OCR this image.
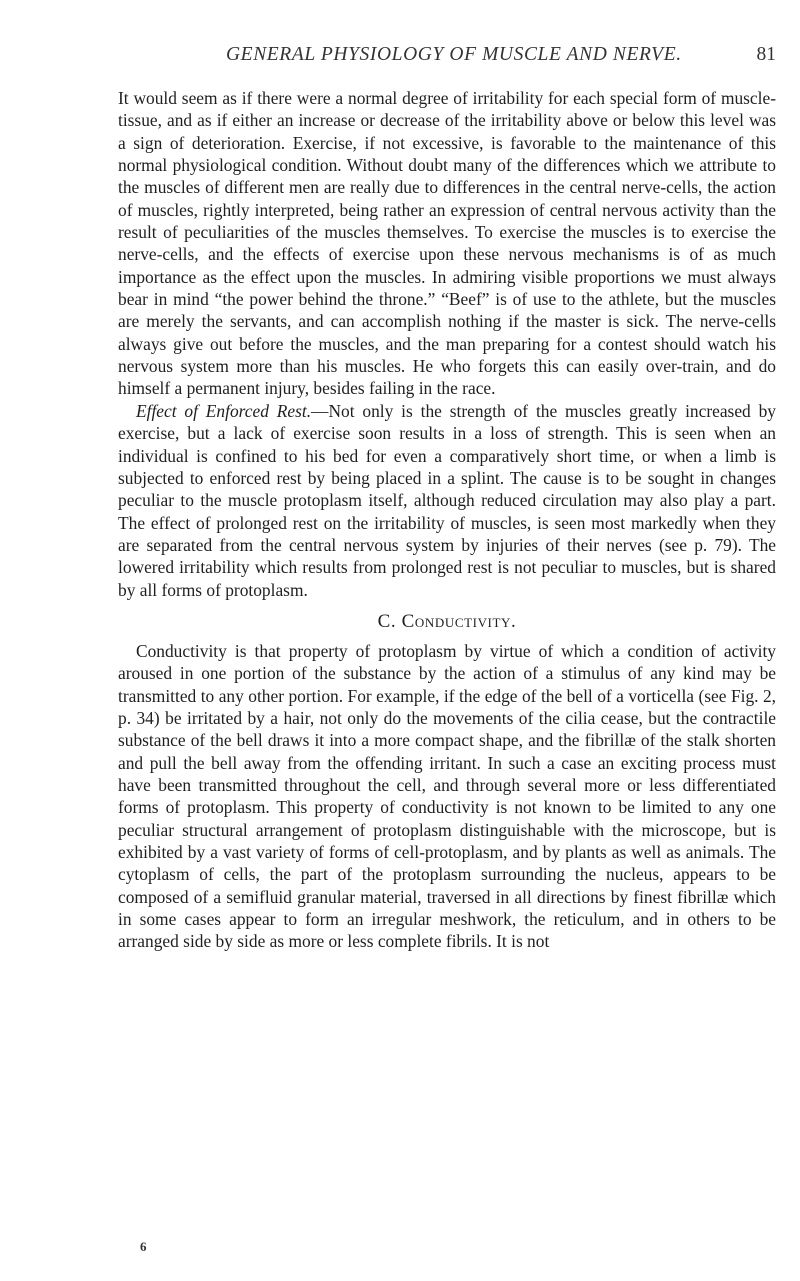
GENERAL PHYSIOLOGY OF MUSCLE AND NERVE.	81

It would seem as if there were a normal degree of irritability for each special form of muscle-tissue, and as if either an increase or decrease of the irritability above or below this level was a sign of deterioration. Exercise, if not excessive, is favorable to the maintenance of this normal physiological condition. Without doubt many of the differences which we attribute to the muscles of different men are really due to differences in the central nerve-cells, the action of muscles, rightly interpreted, being rather an expression of central nervous activity than the result of peculiarities of the muscles themselves. To exercise the muscles is to exercise the nerve-cells, and the effects of exercise upon these nervous mechanisms is of as much importance as the effect upon the muscles. In admiring visible proportions we must always bear in mind “the power behind the throne.” “Beef” is of use to the athlete, but the muscles are merely the servants, and can accomplish nothing if the master is sick. The nerve-cells always give out before the muscles, and the man preparing for a contest should watch his nervous system more than his muscles. He who forgets this can easily over-train, and do himself a permanent injury, besides failing in the race.

Effect of Enforced Rest.—Not only is the strength of the muscles greatly increased by exercise, but a lack of exercise soon results in a loss of strength. This is seen when an individual is confined to his bed for even a comparatively short time, or when a limb is subjected to enforced rest by being placed in a splint. The cause is to be sought in changes peculiar to the muscle protoplasm itself, although reduced circulation may also play a part. The effect of prolonged rest on the irritability of muscles, is seen most markedly when they are separated from the central nervous system by injuries of their nerves (see p. 79). The lowered irritability which results from prolonged rest is not peculiar to muscles, but is shared by all forms of protoplasm.

C. Conductivity.

Conductivity is that property of protoplasm by virtue of which a condition of activity aroused in one portion of the substance by the action of a stimulus of any kind may be transmitted to any other portion. For example, if the edge of the bell of a vorticella (see Fig. 2, p. 34) be irritated by a hair, not only do the movements of the cilia cease, but the contractile substance of the bell draws it into a more compact shape, and the fibrillæ of the stalk shorten and pull the bell away from the offending irritant. In such a case an exciting process must have been transmitted throughout the cell, and through several more or less differentiated forms of protoplasm. This property of conductivity is not known to be limited to any one peculiar structural arrangement of protoplasm distinguishable with the microscope, but is exhibited by a vast variety of forms of cell-protoplasm, and by plants as well as animals. The cytoplasm of cells, the part of the protoplasm surrounding the nucleus, appears to be composed of a semifluid granular material, traversed in all directions by finest fibrillæ which in some cases appear to form an irregular meshwork, the reticulum, and in others to be arranged side by side as more or less complete fibrils. It is not

6
